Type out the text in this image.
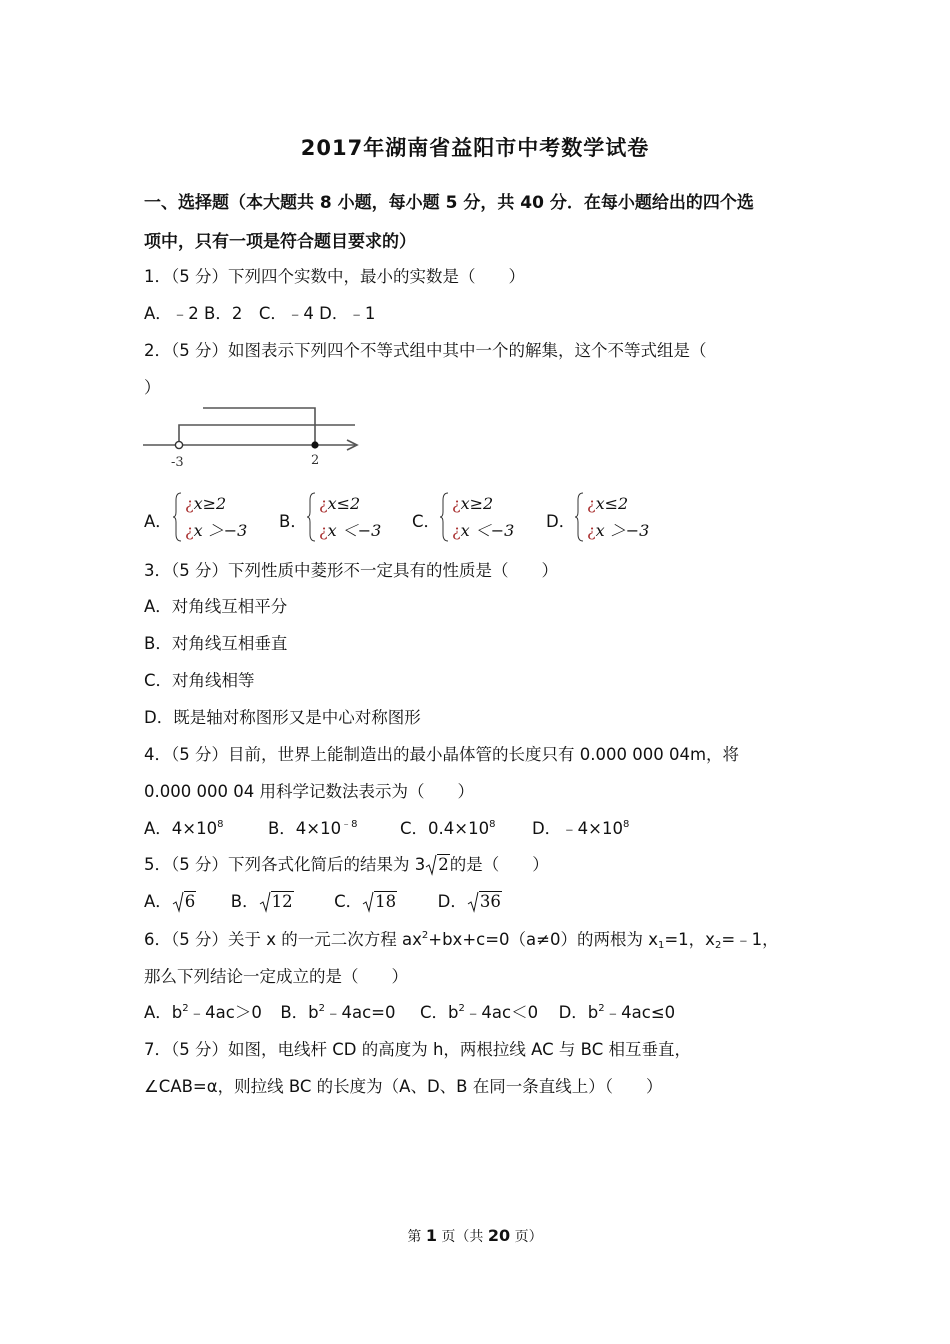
2017年湖南省益阳市中考数学试卷
一、选择题（本大题共 8 小题，每小题 5 分，共 40 分．在每小题给出的四个选
项中，只有一项是符合题目要求的）
1．（5 分）下列四个实数中，最小的实数是（　　）
A．﹣2 B．2　C．﹣4 D．﹣1
2．（5 分）如图表示下列四个不等式组中其中一个的解集，这个不等式组是（
）
-3	2
A．
¿x≥2
¿x ＞−3 B．
¿x≤2
¿x ＜−3 C．
¿x≥2
¿x ＜−3 D．
¿x≤2
¿x ＞−3
3．（5 分）下列性质中菱形不一定具有的性质是（　　）
A．对角线互相平分
B．对角线互相垂直
C．对角线相等
D．既是轴对称图形又是中心对称图形
4．（5 分）目前，世界上能制造出的最小晶体管的长度只有 0.000 000 04m，将
0.000 000 04 用科学记数法表示为（　　）
A．$4\times 10^8$	B．$4\times 10^{﹣8}$	C．$0.4\times 10^8$ D．$﹣4\times 10^8$
5．（5 分）下列各式化简后的结果为 3 2的是（　　）
A． 6 B． 12	C． 18	D． 36
6．（5 分）关于 x 的一元二次方程 $ax^2+bx+c=0(a\ne 0)$的两根为 $x_1=1$，$x_2=﹣1$，
那么下列结论一定成立的是（　　）
A．$b^2﹣4ac>0$ B．$b^2﹣4ac=0$ C．$b^2﹣4ac<0$ D．$b^2﹣4ac\le 0$
7．（5 分）如图，电线杆 CD 的高度为 h，两根拉线 AC 与 BC 相互垂直，
∠CAB=α，则拉线 BC 的长度为（A、D、B 在同一条直线上）（　　）
第 1 页（共 20 页）
